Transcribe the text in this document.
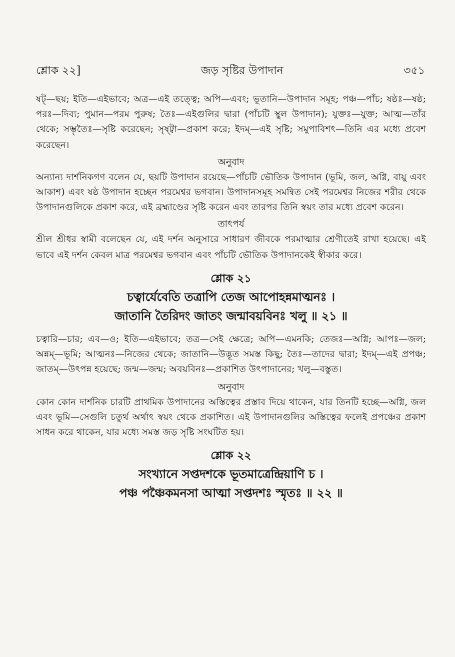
শ্লোক ২২]	জড় সৃষ্টির উপাদান	৩৫১

ষট্—ছয়; ইতি—এইভাবে; অত্র—এই তত্ত্বে; অপি—এবং; ভূতানি—উপাদান সমূহ; পঞ্চ—পাঁচ; ষষ্ঠঃ—ষষ্ঠ; পরঃ—দিব্য; পুমান—পরম পুরুষ; তৈঃ—এইগুলির দ্বারা (পাঁচটি স্থুল উপাদান); যুক্তঃ—যুক্ত; আত্ম—তাঁর থেকে; সম্ভৃতৈঃ—সৃষ্টি করেছেন; সৃষ্ট্বা—প্রকাশ করে; ইদম্—এই সৃষ্টি; সমুপাবিশৎ—তিনি এর মধ্যে প্রবেশ করেছেন।

অনুবাদ

অন্যান্য দার্শনিকগণ বলেন যে, ছয়টি উপাদান রয়েছে—পাঁচটি ভৌতিক উপাদান (ভূমি, জল, অগ্নি, বায়ু এবং আকাশ) এবং ষষ্ঠ উপাদান হচ্ছেন পরমেশ্বর ভগবান। উপাদানসমূহ সমন্বিত সেই পরমেশ্বর নিজের শরীর থেকে উপাদানগুলিকে প্রকাশ করে, এই ব্রহ্মাণ্ডের সৃষ্টি করেন এবং তারপর তিনি স্বয়ং তার মধ্যে প্রবেশ করেন।

তাৎপর্য

শ্রীল শ্রীধর স্বামী বলেছেন যে, এই দর্শন অনুসারে সাধারণ জীবকে পরমাত্মার শ্রেণীতেই রাখা হয়েছে। এই ভাবে এই দর্শন কেবল মাত্র পরমেশ্বর ভগবান এবং পাঁচটি ভৌতিক উপাদানকেই স্বীকার করে।

শ্লোক ২১

চত্বার্যেবেতি তত্রাপি তেজ আপোহন্নমাত্মনঃ ।

জাতানি তৈরিদং জাতং জন্মাবয়বিনঃ খলু ॥ ২১ ॥

চত্বারি—চার; এব—ও; ইতি—এইভাবে; তত্র—সেই ক্ষেত্রে; অপি—এমনকি; তেজঃ—অগ্নি; আপঃ—জল; অন্নম্—ভূমি; আত্মনঃ—নিজের থেকে; জাতানি—উদ্ভূত সমস্ত কিছু; তৈঃ—তাদের দ্বারা; ইদম্—এই প্রপঞ্চ; জাতম্—উৎপন্ন হয়েছে; জন্ম—জন্ম; অবয়বিনঃ—প্রকাশিত উৎপাদানের; খলু—বস্তুত।

অনুবাদ

কোন কোন দার্শনিক চারটি প্রাথমিক উপাদানের অস্তিত্বের প্রস্তাব দিয়ে থাকেন, যার তিনটি হচ্ছে—অগ্নি, জল এবং ভূমি—সেগুলি চতুর্থ অর্থাৎ স্বয়ং থেকে প্রকাশিত। এই উপাদানগুলির অস্তিত্বের ফলেই প্রপঞ্চের প্রকাশ সাধন করে থাকেন, যার মধ্যে সমস্ত জড় সৃষ্টি সংঘটিত হয়।

শ্লোক ২২

সংখ্যানে সপ্তদশকে ভূতমাত্রেন্দ্রিয়াণি চ ।

পঞ্চ পঞ্চৈকমনসা আত্মা সপ্তদশঃ স্মৃতঃ ॥ ২২ ॥
